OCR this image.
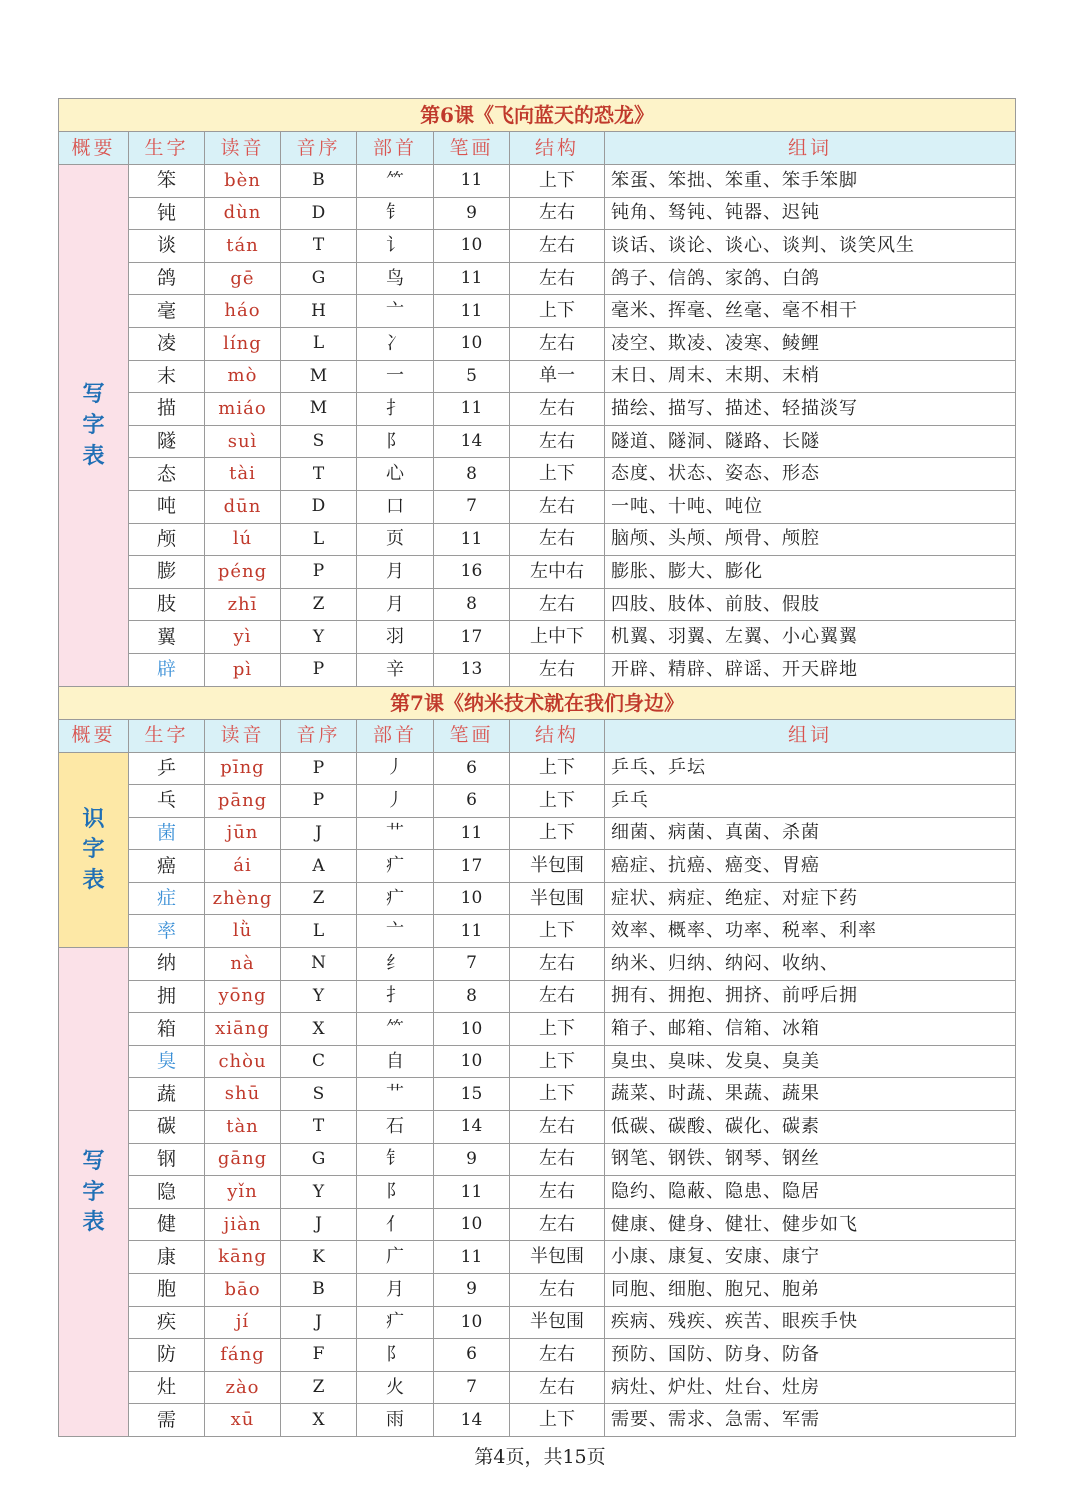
第6课《飞向蓝天的恐龙》							
概要	生字	读音	音序	部首	笔画	结构	组词
写字表	笨	bèn	B	⺮	11	上下	笨蛋、笨拙、笨重、笨手笨脚
	钝	dùn	D	钅	9	左右	钝角、驽钝、钝器、迟钝
	谈	tán	T	讠	10	左右	谈话、谈论、谈心、谈判、谈笑风生
	鸽	gē	G	鸟	11	左右	鸽子、信鸽、家鸽、白鸽
	毫	háo	H	亠	11	上下	毫米、挥毫、丝毫、毫不相干
	凌	líng	L	冫	10	左右	凌空、欺凌、凌寒、鲮鲤
	末	mò	M	一	5	单一	末日、周末、末期、末梢
	描	miáo	M	扌	11	左右	描绘、描写、描述、轻描淡写
	隧	suì	S	阝	14	左右	隧道、隧洞、隧路、长隧
	态	tài	T	心	8	上下	态度、状态、姿态、形态
	吨	dūn	D	口	7	左右	一吨、十吨、吨位
	颅	lú	L	页	11	左右	脑颅、头颅、颅骨、颅腔
	膨	péng	P	月	16	左中右	膨胀、膨大、膨化
	肢	zhī	Z	月	8	左右	四肢、肢体、前肢、假肢
	翼	yì	Y	羽	17	上中下	机翼、羽翼、左翼、小心翼翼
	辟	pì	P	辛	13	左右	开辟、精辟、辟谣、开天辟地
第7课《纳米技术就在我们身边》							
概要	生字	读音	音序	部首	笔画	结构	组词
识字表	乒	pīng	P	丿	6	上下	乒乓、乒坛
	乓	pāng	P	丿	6	上下	乒乓
	菌	jūn	J	艹	11	上下	细菌、病菌、真菌、杀菌
	癌	ái	A	疒	17	半包围	癌症、抗癌、癌变、胃癌
	症	zhèng	Z	疒	10	半包围	症状、病症、绝症、对症下药
	率	lǜ	L	亠	11	上下	效率、概率、功率、税率、利率
写字表	纳	nà	N	纟	7	左右	纳米、归纳、纳闷、收纳、
	拥	yōng	Y	扌	8	左右	拥有、拥抱、拥挤、前呼后拥
	箱	xiāng	X	⺮	10	上下	箱子、邮箱、信箱、冰箱
	臭	chòu	C	自	10	上下	臭虫、臭味、发臭、臭美
	蔬	shū	S	艹	15	上下	蔬菜、时蔬、果蔬、蔬果
	碳	tàn	T	石	14	左右	低碳、碳酸、碳化、碳素
	钢	gāng	G	钅	9	左右	钢笔、钢铁、钢琴、钢丝
	隐	yǐn	Y	阝	11	左右	隐约、隐蔽、隐患、隐居
	健	jiàn	J	亻	10	左右	健康、健身、健壮、健步如飞
	康	kāng	K	广	11	半包围	小康、康复、安康、康宁
	胞	bāo	B	月	9	左右	同胞、细胞、胞兄、胞弟
	疾	jí	J	疒	10	半包围	疾病、残疾、疾苦、眼疾手快
	防	fáng	F	阝	6	左右	预防、国防、防身、防备
	灶	zào	Z	火	7	左右	病灶、炉灶、灶台、灶房
	需	xū	X	雨	14	上下	需要、需求、急需、军需
第4页，共15页
